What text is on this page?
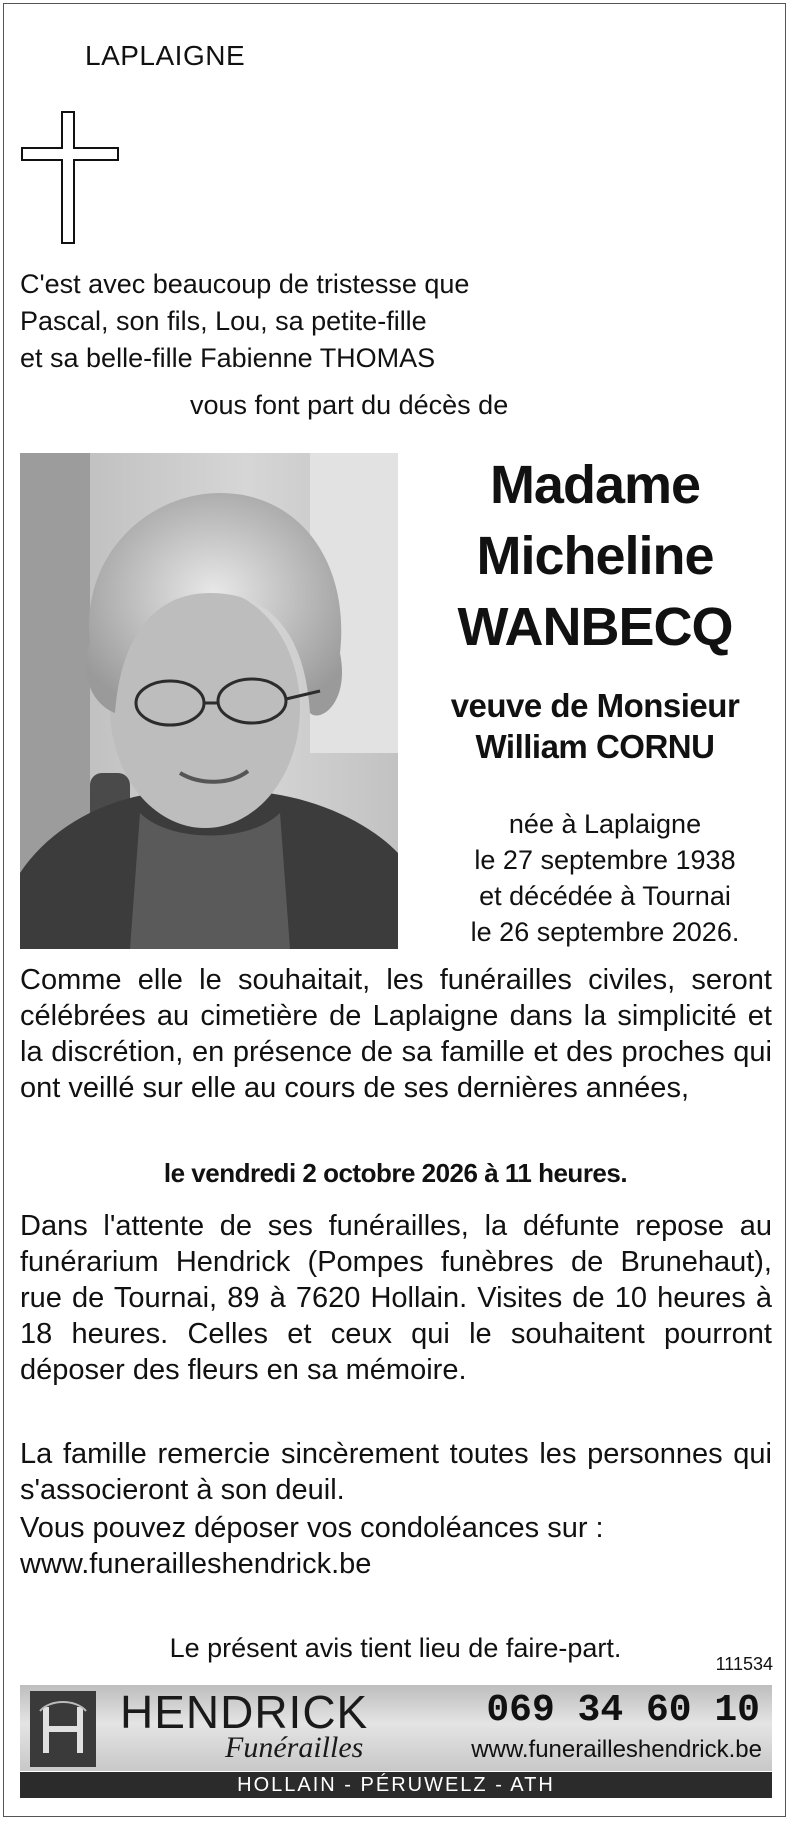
LAPLAIGNE
C'est avec beaucoup de tristesse que
Pascal, son fils, Lou, sa petite-fille
et sa belle-fille Fabienne THOMAS
vous font part du décès de
Madame
Micheline
WANBECQ
veuve de Monsieur
William CORNU
née à Laplaigne
le 27 septembre 1938
et décédée à Tournai
le 26 septembre 2026.
Comme elle le souhaitait, les funérailles civiles, seront célébrées au cimetière de Laplaigne dans la simplicité et la discrétion, en présence de sa famille et des proches qui ont veillé sur elle au cours de ses dernières années,
le vendredi 2 octobre 2026 à 11 heures.
Dans l'attente de ses funérailles, la défunte repose au funérarium Hendrick (Pompes funèbres de Brunehaut), rue de Tournai, 89 à 7620 Hollain. Visites de 10 heures à 18 heures. Celles et ceux qui le souhaitent pourront déposer des fleurs en sa mémoire.
La famille remercie sincèrement toutes les personnes qui s'associeront à son deuil.
Vous pouvez déposer vos condoléances sur :
www.funerailleshendrick.be
Le présent avis tient lieu de faire-part.
111534
HENDRICK
Funérailles
069 34 60 10
www.funerailleshendrick.be
HOLLAIN - PÉRUWELZ - ATH
